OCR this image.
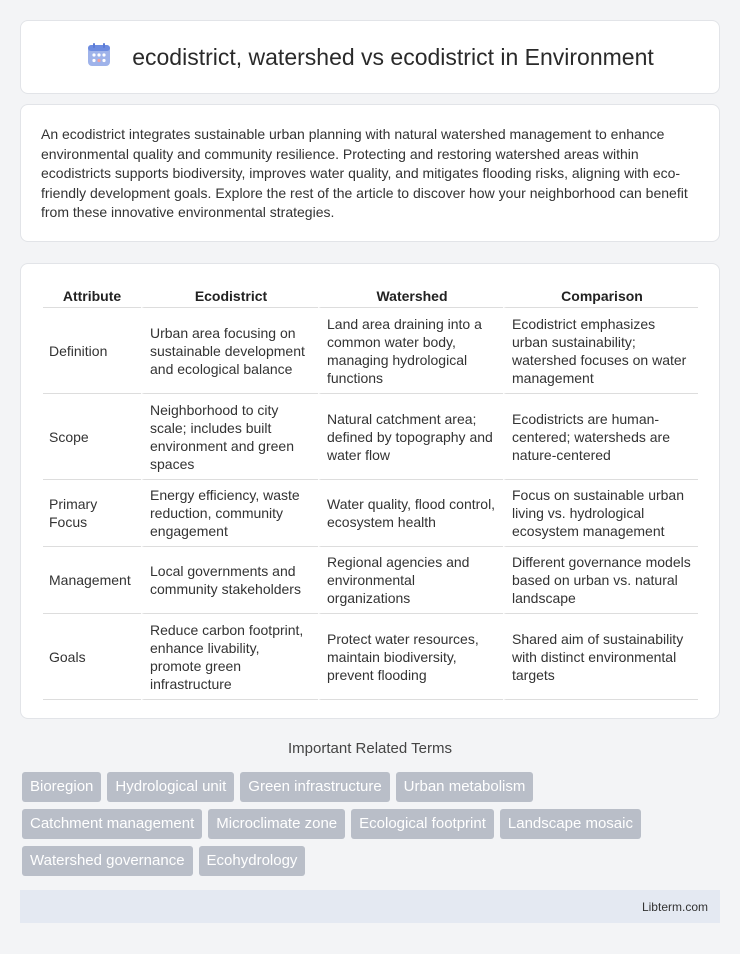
ecodistrict, watershed vs ecodistrict in Environment

An ecodistrict integrates sustainable urban planning with natural watershed management to enhance environmental quality and community resilience. Protecting and restoring watershed areas within ecodistricts supports biodiversity, improves water quality, and mitigates flooding risks, aligning with eco-friendly development goals. Explore the rest of the article to discover how your neighborhood can benefit from these innovative environmental strategies.

Attribute	Ecodistrict	Watershed	Comparison
Definition	Urban area focusing on sustainable development and ecological balance	Land area draining into a common water body, managing hydrological functions	Ecodistrict emphasizes urban sustainability; watershed focuses on water management
Scope	Neighborhood to city scale; includes built environment and green spaces	Natural catchment area; defined by topography and water flow	Ecodistricts are human-centered; watersheds are nature-centered
Primary Focus	Energy efficiency, waste reduction, community engagement	Water quality, flood control, ecosystem health	Focus on sustainable urban living vs. hydrological ecosystem management
Management	Local governments and community stakeholders	Regional agencies and environmental organizations	Different governance models based on urban vs. natural landscape
Goals	Reduce carbon footprint, enhance livability, promote green infrastructure	Protect water resources, maintain biodiversity, prevent flooding	Shared aim of sustainability with distinct environmental targets
Important Related Terms
Bioregion	Hydrological unit	Green infrastructure	Urban metabolism
Catchment management	Microclimate zone	Ecological footprint	Landscape mosaic
Watershed governance	Ecohydrology
Libterm.com
